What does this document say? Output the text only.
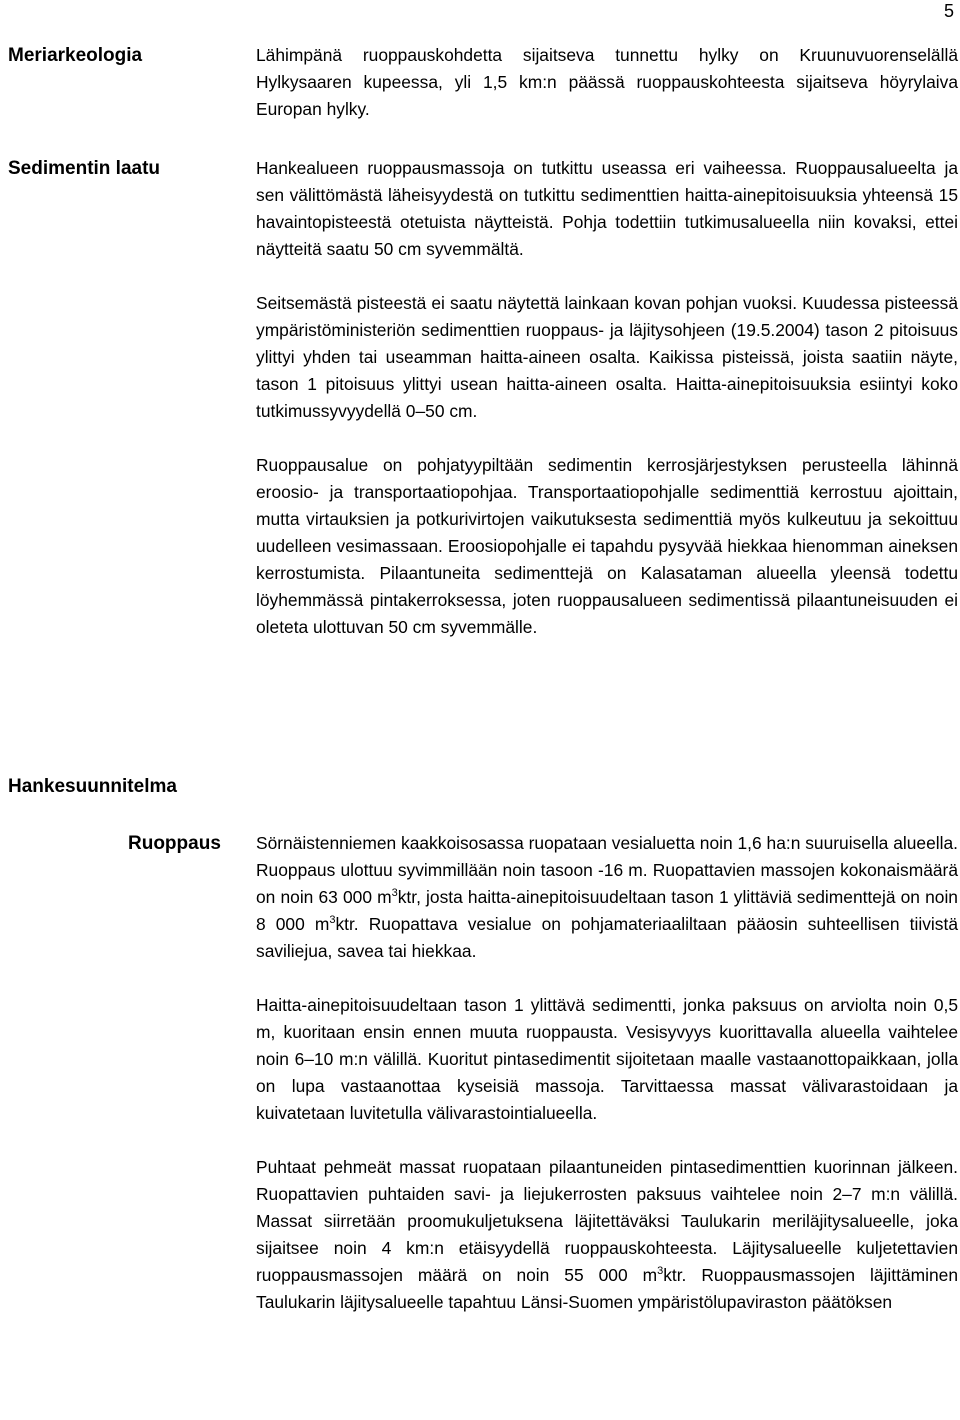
5
Meriarkeologia	Lähimpänä ruoppauskohdetta sijaitseva tunnettu hylky on Kruunuvuorenselällä Hylkysaaren kupeessa, yli 1,5 km:n päässä ruoppauskohteesta sijaitseva höyrylaiva Europan hylky.

Sedimentin laatu	Hankealueen ruoppausmassoja on tutkittu useassa eri vaiheessa. Ruoppausalueelta ja sen välittömästä läheisyydestä on tutkittu sedimenttien haitta-ainepitoisuuksia yhteensä 15 havaintopisteestä otetuista näytteistä. Pohja todettiin tutkimusalueella niin kovaksi, ettei näytteitä saatu 50 cm syvemmältä.

Seitsemästä pisteestä ei saatu näytettä lainkaan kovan pohjan vuoksi. Kuudessa pisteessä ympäristöministeriön sedimenttien ruoppaus- ja läjitysohjeen (19.5.2004) tason 2 pitoisuus ylittyi yhden tai useamman haitta-aineen osalta. Kaikissa pisteissä, joista saatiin näyte, tason 1 pitoisuus ylittyi usean haitta-aineen osalta. Haitta-ainepitoisuuksia esiintyi koko tutkimussyvyydellä 0–50 cm.

Ruoppausalue on pohjatyypiltään sedimentin kerrosjärjestyksen perusteella lähinnä eroosio- ja transportaatiopohjaa. Transportaatiopohjalle sedimenttiä kerrostuu ajoittain, mutta virtauksien ja potkurivirtojen vaikutuksesta sedimenttiä myös kulkeutuu ja sekoittuu uudelleen vesimassaan. Eroosiopohjalle ei tapahdu pysyvää hiekkaa hienomman aineksen kerrostumista. Pilaantuneita sedimenttejä on Kalasataman alueella yleensä todettu löyhemmässä pintakerroksessa, joten ruoppausalueen sedimentissä pilaantuneisuuden ei oleteta ulottuvan 50 cm syvemmälle.

Hankesuunnitelma
Ruoppaus Sörnäistenniemen kaakkoisosassa ruopataan vesialuetta noin 1,6 ha:n suuruisella alueella. Ruoppaus ulottuu syvimmillään noin tasoon -16 m. Ruopattavien massojen kokonaismäärä on noin 63 000 $m^3ktr$, josta haitta-ainepitoisuudeltaan tason 1 ylittäviä sedimenttejä on noin 8 000 $m^3ktr$. Ruopattava vesialue on pohjamateriaaliltaan pääosin suhteellisen tiivistä saviliejua, savea tai hiekkaa.

Haitta-ainepitoisuudeltaan tason 1 ylittävä sedimentti, jonka paksuus on arviolta noin 0,5 m, kuoritaan ensin ennen muuta ruoppausta. Vesisyvyys kuorittavalla alueella vaihtelee noin 6–10 m:n välillä. Kuoritut pintasedimentit sijoitetaan maalle vastaanottopaikkaan, jolla on lupa vastaanottaa kyseisiä massoja. Tarvittaessa massat välivarastoidaan ja kuivatetaan luvitetulla välivarastointialueella.

Puhtaat pehmeät massat ruopataan pilaantuneiden pintasedimenttien kuorinnan jälkeen. Ruopattavien puhtaiden savi- ja liejukerrosten paksuus vaihtelee noin 2–7 m:n välillä. Massat siirretään proomukuljetuksena läjitettäväksi Taulukarin meriläjitysalueelle, joka sijaitsee noin 4 km:n etäisyydellä ruoppauskohteesta. Läjitysalueelle kuljetettavien ruoppausmassojen määrä on noin 55 000 $m^3ktr$. Ruoppausmassojen läjittäminen Taulukarin läjitysalueelle tapahtuu Länsi-Suomen ympäristölupaviraston päätöksen
